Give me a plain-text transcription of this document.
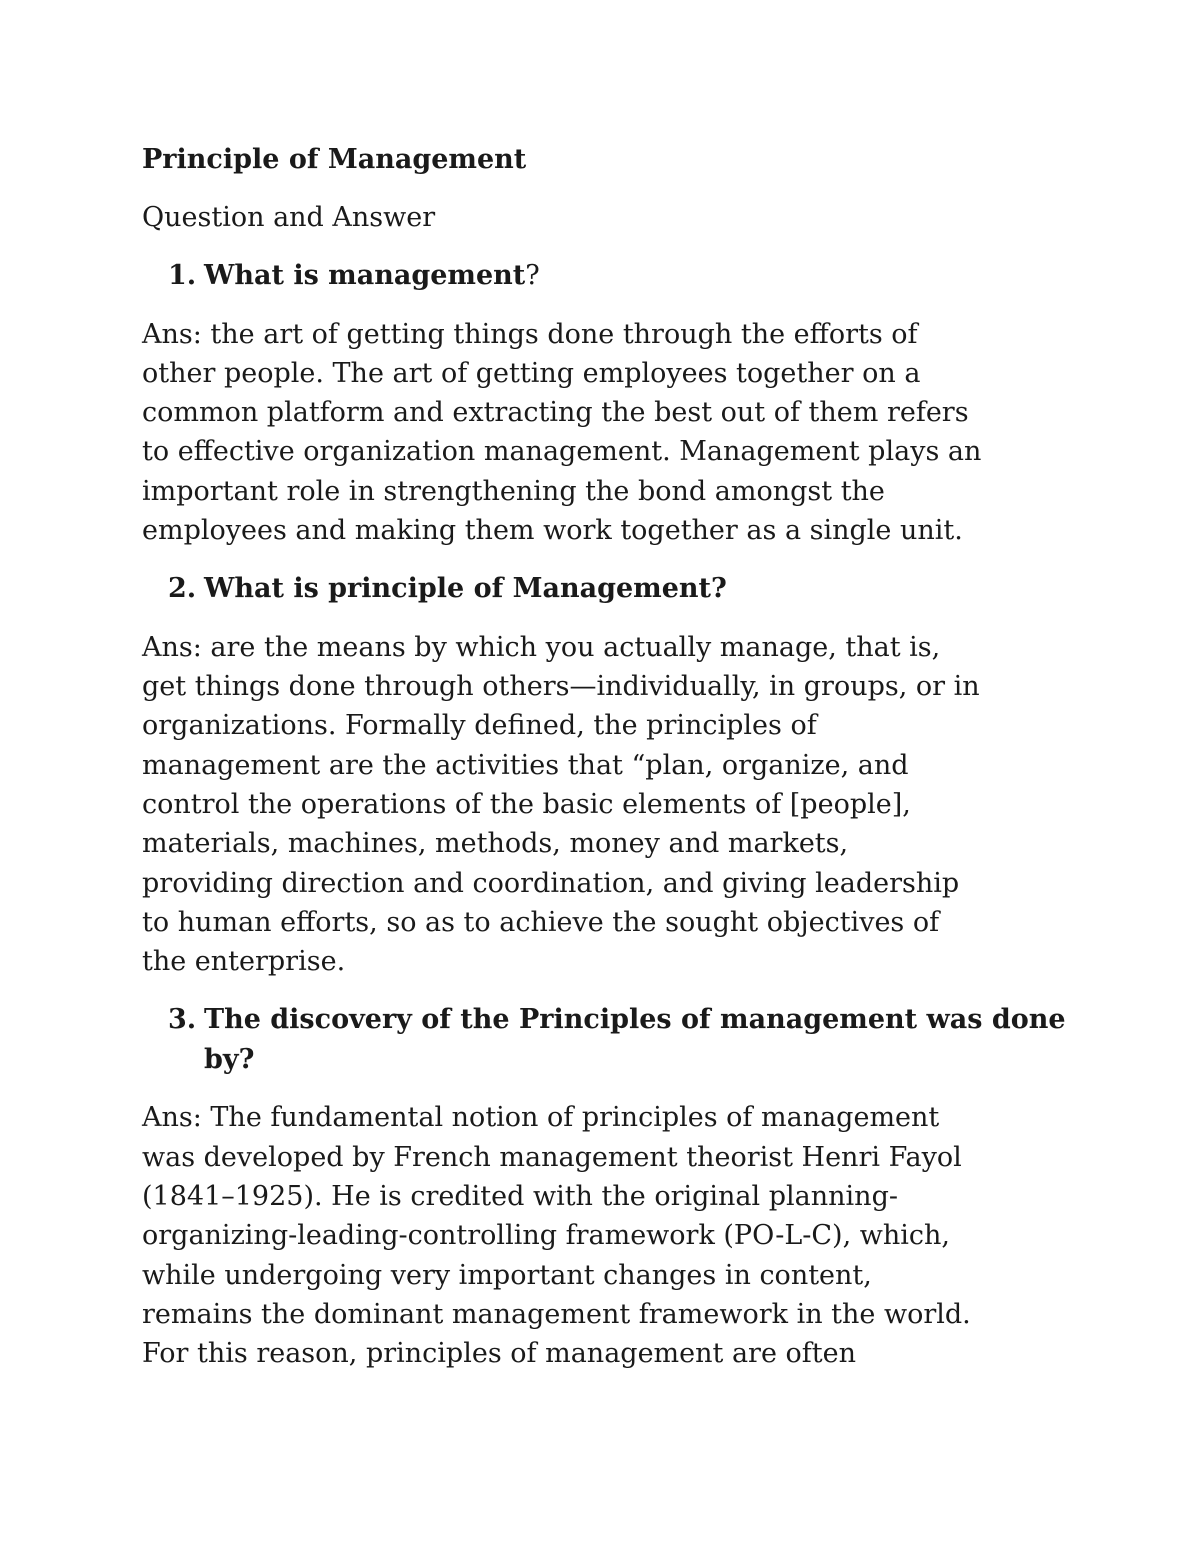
Principle of Management
Question and Answer
1. What is management?
Ans: the art of getting things done through the efforts of
other people. The art of getting employees together on a
common platform and extracting the best out of them refers
to effective organization management. Management plays an
important role in strengthening the bond amongst the
employees and making them work together as a single unit.
2. What is principle of Management?
Ans: are the means by which you actually manage, that is,
get things done through others—individually, in groups, or in
organizations. Formally defined, the principles of
management are the activities that “plan, organize, and
control the operations of the basic elements of [people],
materials, machines, methods, money and markets,
providing direction and coordination, and giving leadership
to human efforts, so as to achieve the sought objectives of
the enterprise.
3. The discovery of the Principles of management was done by?
Ans: The fundamental notion of principles of management
was developed by French management theorist Henri Fayol
(1841–1925). He is credited with the original planning-
organizing-leading-controlling framework (PO-L-C), which,
while undergoing very important changes in content,
remains the dominant management framework in the world.
For this reason, principles of management are often
